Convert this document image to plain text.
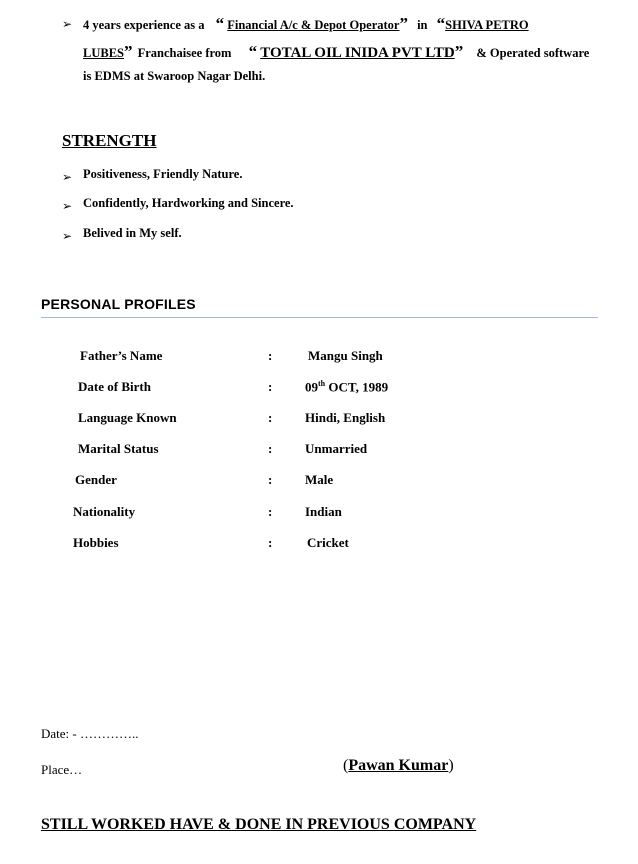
➢ 4 years experience as a “ Financial A/c & Depot Operator” in “SHIVA PETRO
LUBES” Franchaisee from “ TOTAL OIL INIDA PVT LTD” & Operated software
is EDMS at Swaroop Nagar Delhi.
STRENGTH
➢ Positiveness, Friendly Nature.
➢ Confidently, Hardworking and Sincere.
➢ Belived in My self.
PERSONAL PROFILES
Father’s Name	:	Mangu Singh
Date of Birth	:	09th OCT, 1989
Language Known	:	Hindi, English
Marital Status	:	Unmarried
Gender	:	Male
Nationality	:	Indian
Hobbies	:	Cricket
Date: - …………..
Place…	(Pawan Kumar)
STILL WORKED HAVE & DONE IN PREVIOUS COMPANY
